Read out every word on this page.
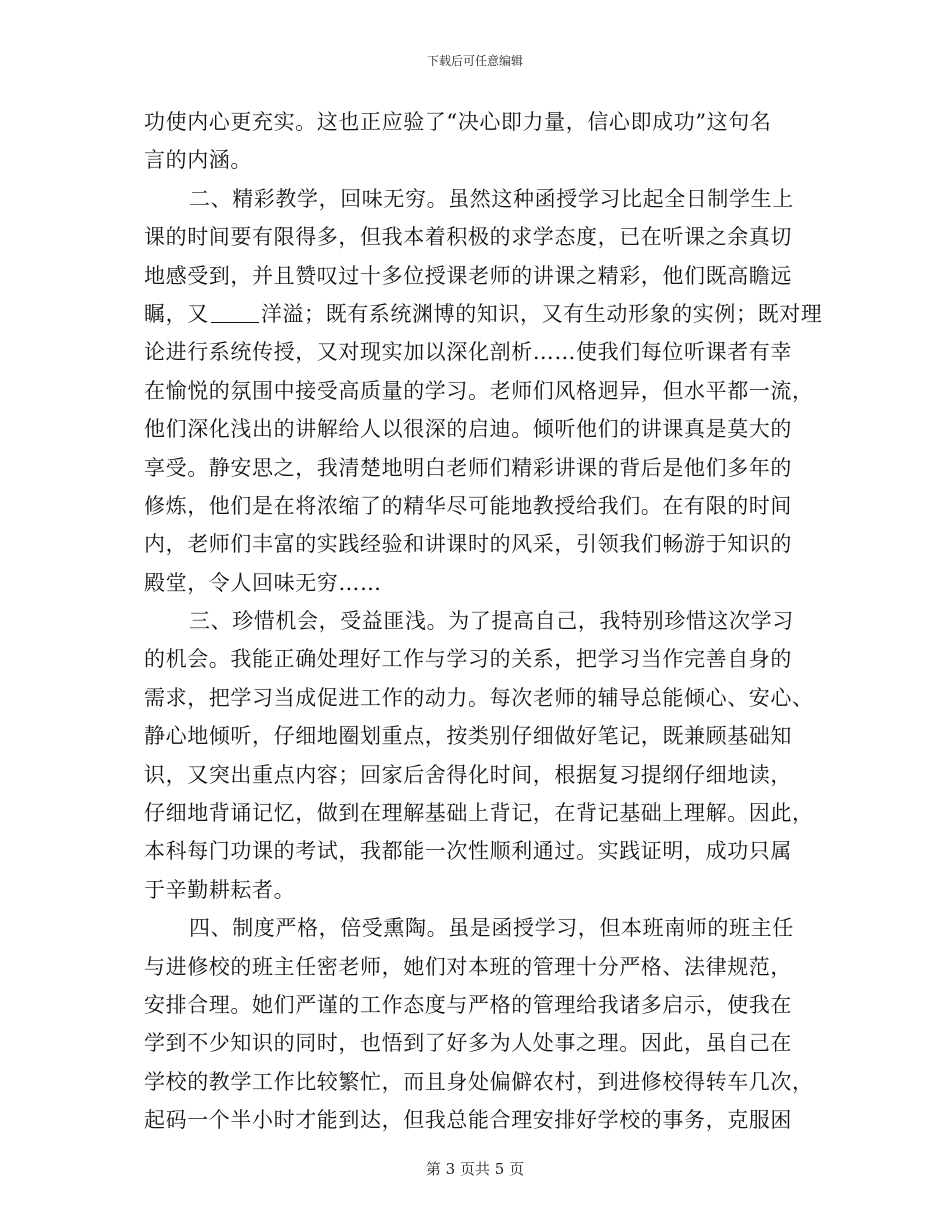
下载后可任意编辑
功使内心更充实。这也正应验了“决心即力量，信心即成功”这句名
言的内涵。
二、精彩教学，回味无穷。虽然这种函授学习比起全日制学生上
课的时间要有限得多，但我本着积极的求学态度，已在听课之余真切
地感受到，并且赞叹过十多位授课老师的讲课之精彩，他们既高瞻远
瞩，又 洋溢；既有系统渊博的知识，又有生动形象的实例；既对理
论进行系统传授，又对现实加以深化剖析……使我们每位听课者有幸
在愉悦的氛围中接受高质量的学习。老师们风格迥异，但水平都一流，
他们深化浅出的讲解给人以很深的启迪。倾听他们的讲课真是莫大的
享受。静安思之，我清楚地明白老师们精彩讲课的背后是他们多年的
修炼，他们是在将浓缩了的精华尽可能地教授给我们。在有限的时间
内，老师们丰富的实践经验和讲课时的风采，引领我们畅游于知识的
殿堂，令人回味无穷……
三、珍惜机会，受益匪浅。为了提高自己，我特别珍惜这次学习
的机会。我能正确处理好工作与学习的关系，把学习当作完善自身的
需求，把学习当成促进工作的动力。每次老师的辅导总能倾心、安心、
静心地倾听，仔细地圈划重点，按类别仔细做好笔记，既兼顾基础知
识，又突出重点内容；回家后舍得化时间，根据复习提纲仔细地读，
仔细地背诵记忆，做到在理解基础上背记，在背记基础上理解。因此，
本科每门功课的考试，我都能一次性顺利通过。实践证明，成功只属
于辛勤耕耘者。
四、制度严格，倍受熏陶。虽是函授学习，但本班南师的班主任
与进修校的班主任密老师，她们对本班的管理十分严格、法律规范，
安排合理。她们严谨的工作态度与严格的管理给我诸多启示，使我在
学到不少知识的同时，也悟到了好多为人处事之理。因此，虽自己在
学校的教学工作比较繁忙，而且身处偏僻农村，到进修校得转车几次，
起码一个半小时才能到达，但我总能合理安排好学校的事务，克服困
第 3 页共 5 页
